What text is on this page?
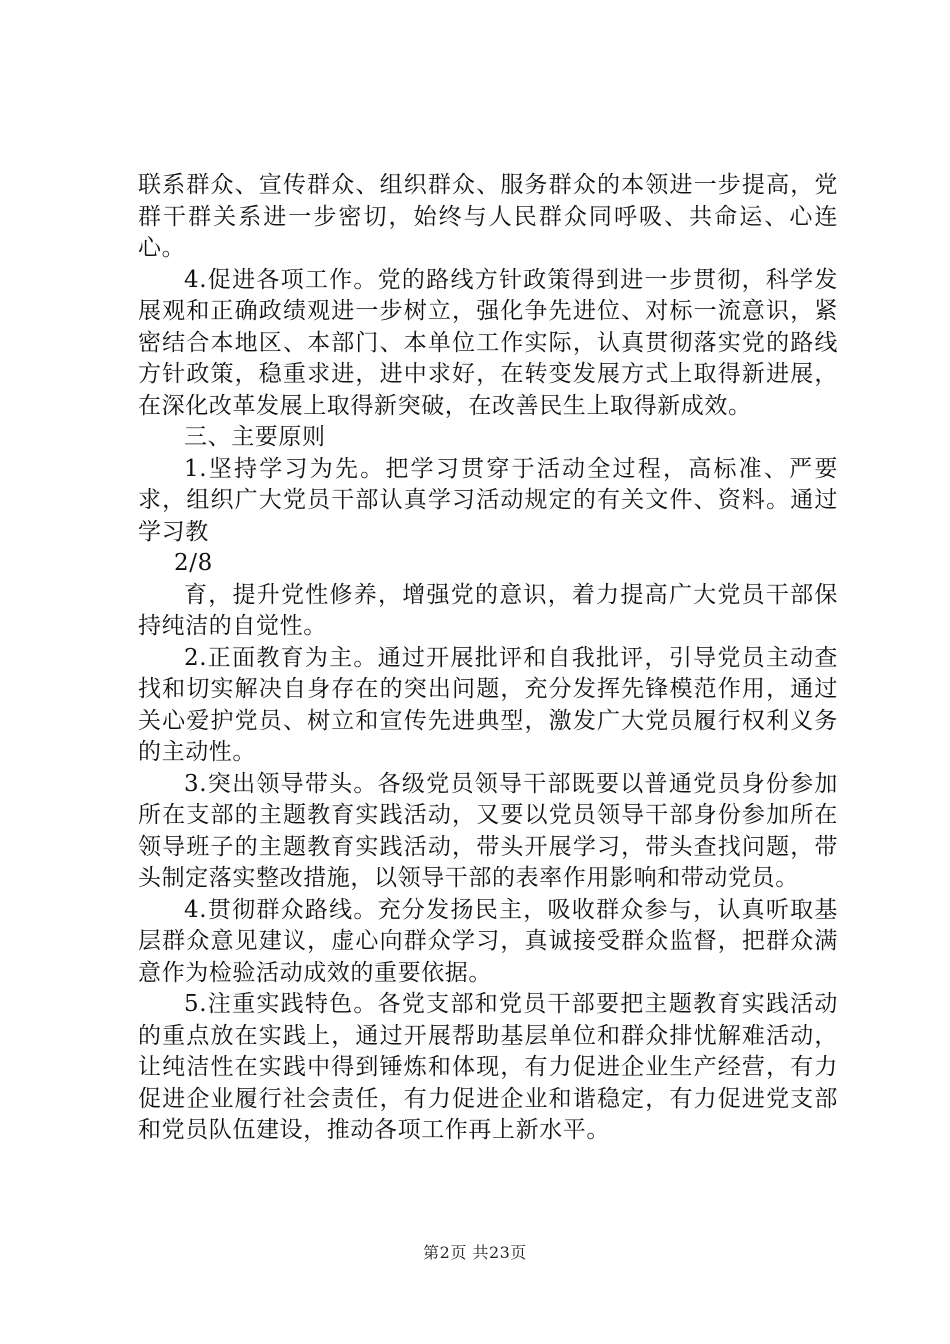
联系群众、宣传群众、组织群众、服务群众的本领进一步提高，党群干群关系进一步密切，始终与人民群众同呼吸、共命运、心连心。

4.促进各项工作。党的路线方针政策得到进一步贯彻，科学发展观和正确政绩观进一步树立，强化争先进位、对标一流意识，紧密结合本地区、本部门、本单位工作实际，认真贯彻落实党的路线方针政策，稳重求进，进中求好，在转变发展方式上取得新进展，在深化改革发展上取得新突破，在改善民生上取得新成效。

三、主要原则

1.坚持学习为先。把学习贯穿于活动全过程，高标准、严要求，组织广大党员干部认真学习活动规定的有关文件、资料。通过学习教

2/8

育，提升党性修养，增强党的意识，着力提高广大党员干部保持纯洁的自觉性。

2.正面教育为主。通过开展批评和自我批评，引导党员主动查找和切实解决自身存在的突出问题，充分发挥先锋模范作用，通过关心爱护党员、树立和宣传先进典型，激发广大党员履行权利义务的主动性。

3.突出领导带头。各级党员领导干部既要以普通党员身份参加所在支部的主题教育实践活动，又要以党员领导干部身份参加所在领导班子的主题教育实践活动，带头开展学习，带头查找问题，带头制定落实整改措施，以领导干部的表率作用影响和带动党员。

4.贯彻群众路线。充分发扬民主，吸收群众参与，认真听取基层群众意见建议，虚心向群众学习，真诚接受群众监督，把群众满意作为检验活动成效的重要依据。

5.注重实践特色。各党支部和党员干部要把主题教育实践活动的重点放在实践上，通过开展帮助基层单位和群众排忧解难活动，让纯洁性在实践中得到锤炼和体现，有力促进企业生产经营，有力促进企业履行社会责任，有力促进企业和谐稳定，有力促进党支部和党员队伍建设，推动各项工作再上新水平。

第2页 共23页
